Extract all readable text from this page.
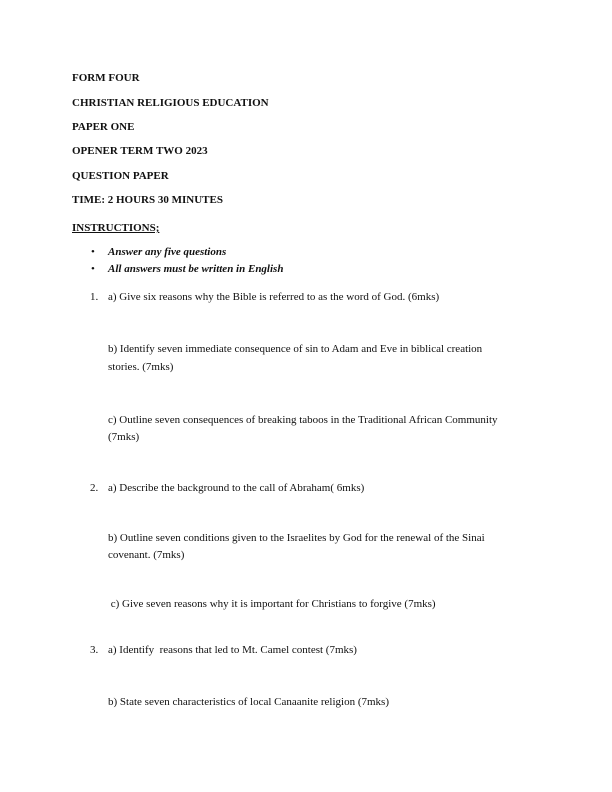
FORM FOUR
CHRISTIAN RELIGIOUS EDUCATION
PAPER ONE
OPENER TERM TWO 2023
QUESTION PAPER
TIME: 2 HOURS 30 MINUTES
INSTRUCTIONS;
• Answer any five questions
• All answers must be written in English
1. a) Give six reasons why the Bible is referred to as the word of God. (6mks)
b) Identify seven immediate consequence of sin to Adam and Eve in biblical creation
stories. (7mks)
c) Outline seven consequences of breaking taboos in the Traditional African Community
(7mks)
2. a) Describe the background to the call of Abraham( 6mks)
b) Outline seven conditions given to the Israelites by God for the renewal of the Sinai
covenant. (7mks)
c) Give seven reasons why it is important for Christians to forgive (7mks)
3. a) Identify  reasons that led to Mt. Camel contest (7mks)
b) State seven characteristics of local Canaanite religion (7mks)
